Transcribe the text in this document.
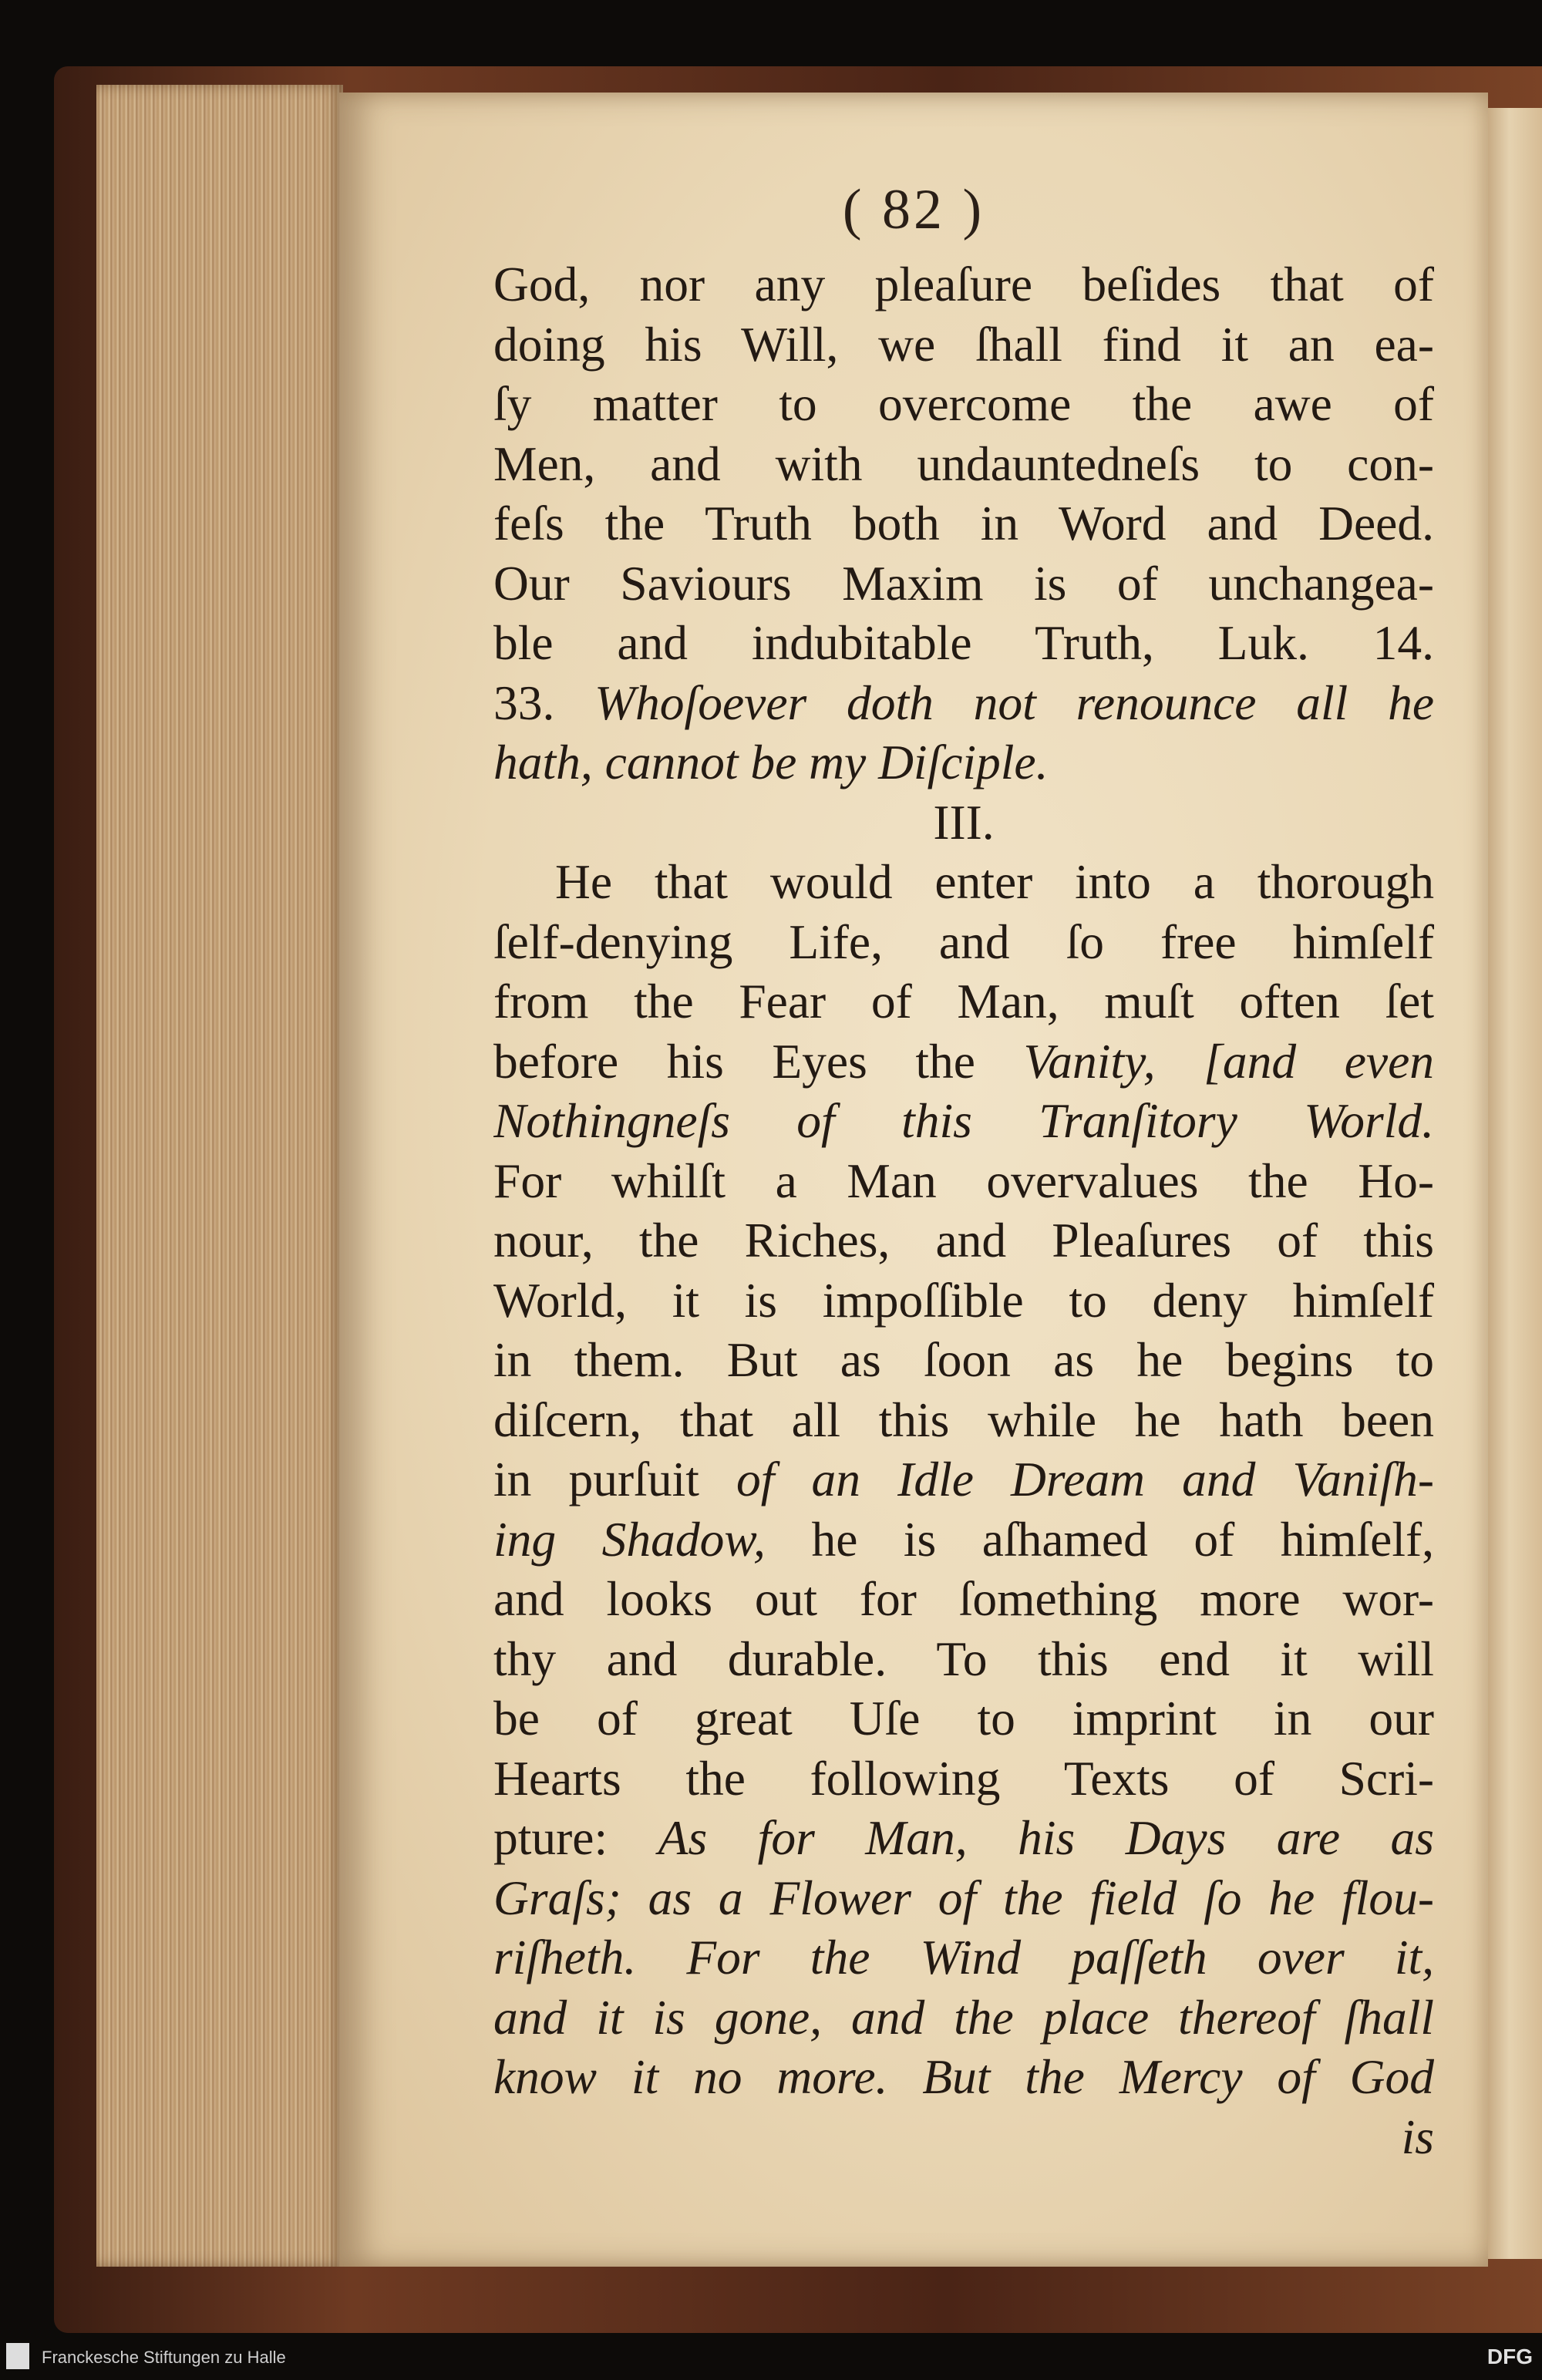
( 82 )
God, nor any pleaſure beſides that of
doing his Will, we ſhall find it an ea-
ſy matter to overcome the awe of
Men, and with undauntedneſs to con-
feſs the Truth both in Word and Deed.
Our Saviours Maxim is of unchangea-
ble and indubitable Truth, Luk. 14.
33. Whoſoever doth not renounce all he
hath, cannot be my Diſciple.
III.
He that would enter into a thorough
ſelf-denying Life, and ſo free himſelf
from the Fear of Man, muſt often ſet
before his Eyes the Vanity, [and even
Nothingneſs of this Tranſitory World.
For whilſt a Man overvalues the Ho-
nour, the Riches, and Pleaſures of this
World, it is impoſſible to deny himſelf
in them. But as ſoon as he begins to
diſcern, that all this while he hath been
in purſuit of an Idle Dream and Vaniſh-
ing Shadow, he is aſhamed of himſelf,
and looks out for ſomething more wor-
thy and durable. To this end it will
be of great Uſe to imprint in our
Hearts the following Texts of Scri-
pture: As for Man, his Days are as
Graſs; as a Flower of the field ſo he flou-
riſheth. For the Wind paſſeth over it,
and it is gone, and the place thereof ſhall
know it no more. But the Mercy of God
is
Franckesche Stiftungen zu Halle	DFG
